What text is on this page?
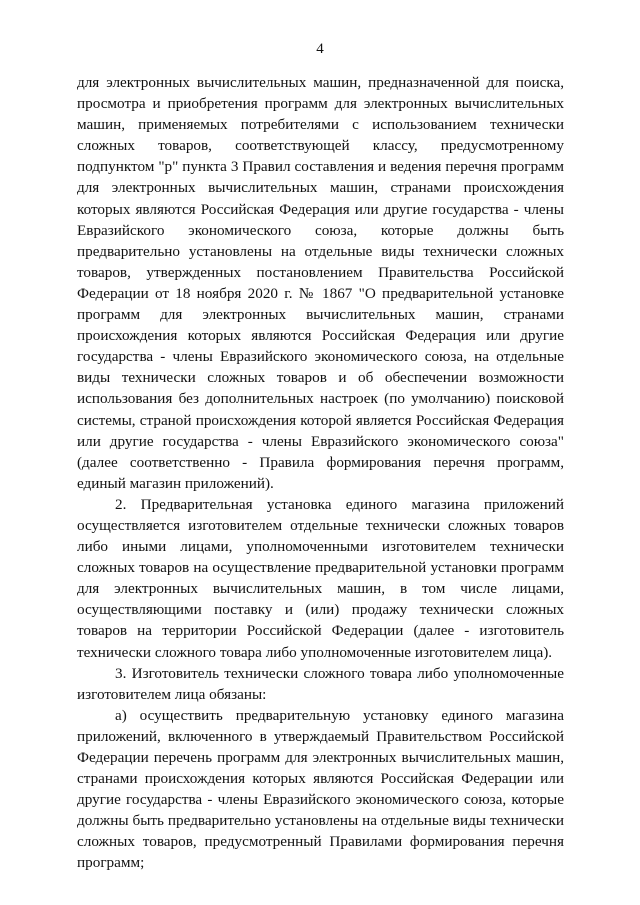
4

для электронных вычислительных машин, предназначенной для поиска, просмотра и приобретения программ для электронных вычислительных машин, применяемых потребителями с использованием технически сложных товаров, соответствующей классу, предусмотренному подпунктом "р" пункта 3 Правил составления и ведения перечня программ для электронных вычислительных машин, странами происхождения которых являются Российская Федерация или другие государства - члены Евразийского экономического союза, которые должны быть предварительно установлены на отдельные виды технически сложных товаров, утвержденных постановлением Правительства Российской Федерации от 18 ноября 2020 г. № 1867 "О предварительной установке программ для электронных вычислительных машин, странами происхождения которых являются Российская Федерация или другие государства - члены Евразийского экономического союза, на отдельные виды технически сложных товаров и об обеспечении возможности использования без дополнительных настроек (по умолчанию) поисковой системы, страной происхождения которой является Российская Федерация или другие государства - члены Евразийского экономического союза" (далее соответственно - Правила формирования перечня программ, единый магазин приложений).

2. Предварительная установка единого магазина приложений осуществляется изготовителем отдельные технически сложных товаров либо иными лицами, уполномоченными изготовителем технически сложных товаров на осуществление предварительной установки программ для электронных вычислительных машин, в том числе лицами, осуществляющими поставку и (или) продажу технически сложных товаров на территории Российской Федерации (далее - изготовитель технически сложного товара либо уполномоченные изготовителем лица).

3. Изготовитель технически сложного товара либо уполномоченные изготовителем лица обязаны:

а) осуществить предварительную установку единого магазина приложений, включенного в утверждаемый Правительством Российской Федерации перечень программ для электронных вычислительных машин, странами происхождения которых являются Российская Федерации или другие государства - члены Евразийского экономического союза, которые должны быть предварительно установлены на отдельные виды технически сложных товаров, предусмотренный Правилами формирования перечня программ;
